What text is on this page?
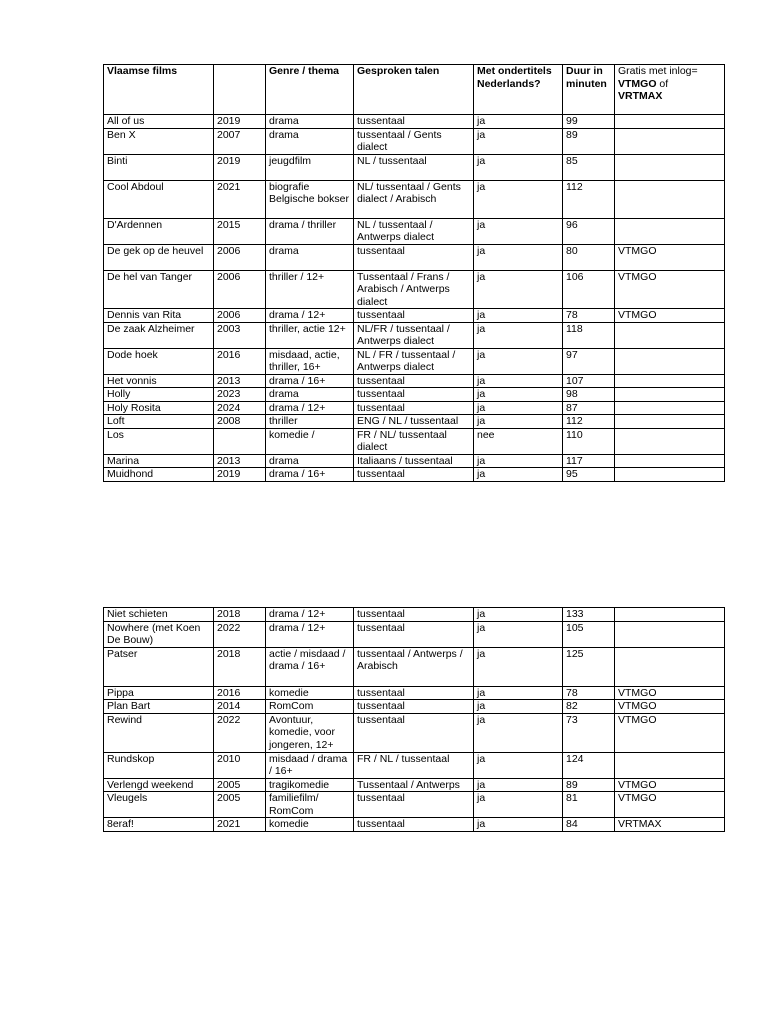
Vlaamse films		Genre / thema	Gesproken talen	Met ondertitels Nederlands?	Duur in minuten	Gratis met inlog=
VTMGO of
VRTMAX
All of us	2019	drama	tussentaal	ja	99	
Ben X	2007	drama	tussentaal / Gents dialect	ja	89	
Binti	2019	jeugdfilm	NL / tussentaal	ja	85	
Cool Abdoul	2021	biografie Belgische bokser	NL/ tussentaal / Gents dialect / Arabisch	ja	112	
D'Ardennen	2015	drama / thriller	NL / tussentaal / Antwerps dialect	ja	96	
De gek op de heuvel	2006	drama	tussentaal	ja	80	VTMGO
De hel van Tanger	2006	thriller / 12+	Tussentaal / Frans / Arabisch / Antwerps dialect	ja	106	VTMGO
Dennis van Rita	2006	drama / 12+	tussentaal	ja	78	VTMGO
De zaak Alzheimer	2003	thriller, actie 12+	NL/FR / tussentaal / Antwerps dialect	ja	118	
Dode hoek	2016	misdaad, actie, thriller, 16+	NL / FR / tussentaal / Antwerps dialect	ja	97	
Het vonnis	2013	drama / 16+	tussentaal	ja	107	
Holly	2023	drama	tussentaal	ja	98	
Holy Rosita	2024	drama / 12+	tussentaal	ja	87	
Loft	2008	thriller	ENG / NL / tussentaal	ja	112	
Los		komedie /	FR / NL/ tussentaal dialect	nee	110	
Marina	2013	drama	Italiaans / tussentaal	ja	117	
Muidhond	2019	drama / 16+	tussentaal	ja	95	
Niet schieten	2018	drama / 12+	tussentaal	ja	133	
Nowhere (met Koen De Bouw)	2022	drama / 12+	tussentaal	ja	105	
Patser	2018	actie / misdaad / drama / 16+	tussentaal / Antwerps / Arabisch	ja	125	
Pippa	2016	komedie	tussentaal	ja	78	VTMGO
Plan Bart	2014	RomCom	tussentaal	ja	82	VTMGO
Rewind	2022	Avontuur, komedie, voor jongeren, 12+	tussentaal	ja	73	VTMGO
Rundskop	2010	misdaad / drama / 16+	FR / NL / tussentaal	ja	124	
Verlengd weekend	2005	tragikomedie	Tussentaal / Antwerps	ja	89	VTMGO
Vleugels	2005	familiefilm/ RomCom	tussentaal	ja	81	VTMGO
8eraf!	2021	komedie	tussentaal	ja	84	VRTMAX
